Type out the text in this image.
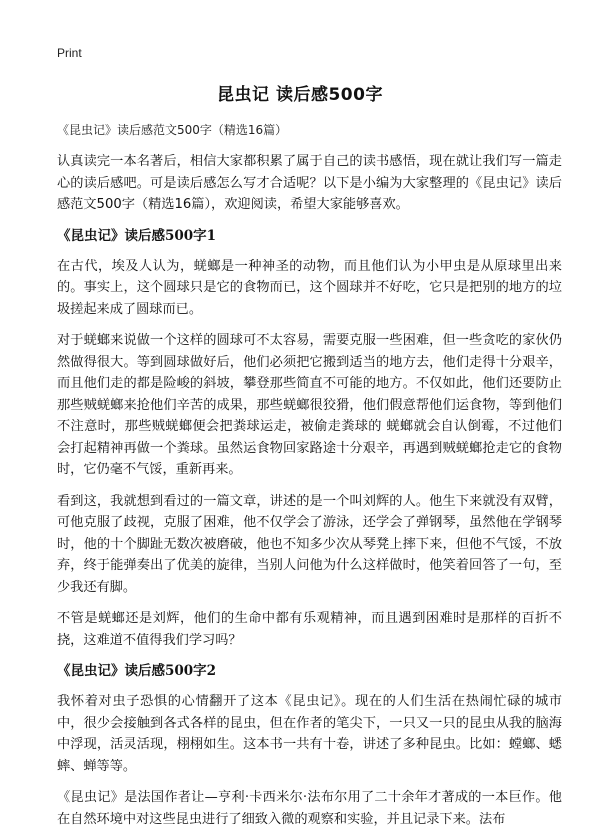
Print
昆虫记 读后感500字
《昆虫记》读后感范文500字（精选16篇）

认真读完一本名著后，相信大家都积累了属于自己的读书感悟，现在就让我们写一篇走心的读后感吧。可是读后感怎么写才合适呢？以下是小编为大家整理的《昆虫记》读后感范文500字（精选16篇），欢迎阅读，希望大家能够喜欢。

《昆虫记》读后感500字1

在古代，埃及人认为，蜣螂是一种神圣的动物，而且他们认为小甲虫是从原球里出来的。事实上，这个圆球只是它的食物而已，这个圆球并不好吃，它只是把别的地方的垃圾搓起来成了圆球而已。

对于蜣螂来说做一个这样的圆球可不太容易，需要克服一些困难，但一些贪吃的家伙仍然做得很大。等到圆球做好后，他们必须把它搬到适当的地方去，他们走得十分艰辛，而且他们走的都是险峻的斜坡，攀登那些简直不可能的地方。不仅如此，他们还要防止那些贼蜣螂来抢他们辛苦的成果，那些蜣螂很狡猾，他们假意帮他们运食物，等到他们不注意时，那些贼蜣螂便会把粪球运走，被偷走粪球的 蜣螂就会自认倒霉，不过他们会打起精神再做一个粪球。虽然运食物回家路途十分艰辛，再遇到贼蜣螂抢走它的食物时，它仍毫不气馁，重新再来。

看到这，我就想到看过的一篇文章，讲述的是一个叫刘辉的人。他生下来就没有双臂，可他克服了歧视，克服了困难，他不仅学会了游泳，还学会了弹钢琴，虽然他在学钢琴时，他的十个脚趾无数次被磨破，他也不知多少次从琴凳上摔下来，但他不气馁，不放弃，终于能弹奏出了优美的旋律，当别人问他为什么这样做时，他笑着回答了一句，至少我还有脚。

不管是蜣螂还是刘辉，他们的生命中都有乐观精神，而且遇到困难时是那样的百折不挠，这难道不值得我们学习吗？

《昆虫记》读后感500字2

我怀着对虫子恐惧的心情翻开了这本《昆虫记》。现在的人们生活在热闹忙碌的城市中，很少会接触到各式各样的昆虫，但在作者的笔尖下，一只又一只的昆虫从我的脑海中浮现，活灵活现，栩栩如生。这本书一共有十卷，讲述了多种昆虫。比如：螳螂、蟋蟀、蝉等等。

《昆虫记》是法国作者让—亨利·卡西米尔·法布尔用了二十余年才著成的一本巨作。他在自然环境中对这些昆虫进行了细致入微的观察和实验，并且记录下来。法布
